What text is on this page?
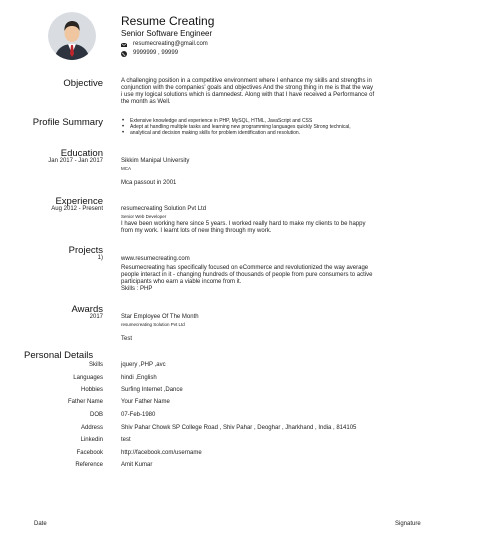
Resume Creating
Senior Software Engineer
resumecreating@gmail.com
9999999 , 99999
Objective	A challenging position in a competitive environment where I enhance my skills and strengths in
conjunction with the companies' goals and objectives And the strong thing in me is that the way
i use my logical solutions which is damnedest. Along with that I have received a Performance of
the month as Well.
Profile Summary
•	Extensive knowledge and experience in PHP, MySQL, HTML, JavaScript and CSS
• Adept at handling multiple tasks and learning new programming languages quickly Strong technical,
• analytical and decision making skills for problem identification and resolution.
Education
Jan 2017 - Jan 2017	Sikkim Manipal University
MCA
Mca passout in 2001
Experience
Aug 2012 - Present	resumecreating Solution Pvt Ltd
Senior Web Developer
I have been working here since 5 years. I worked really hard to make my clients to be happy
from my work. I learnt lots of new thing through my work.
Projects
1)	www.resumecreating.com
Resumecreating has specifically focused on eCommerce and revolutionized the way average
people interact in it - changing hundreds of thousands of people from pure consumers to active
participants who earn a viable income from it.
Skills : PHP
Awards
2017	Star Employee Of The Month
resumecreating Solution Pvt Ltd
Test
Personal Details
Skills	jquery ,PHP ,avc
Languages	hindi ,English
Hobbies	Surfing Internet ,Dance
Father Name	Your Father Name
DOB	07-Feb-1980
Address	Shiv Pahar Chowk SP College Road , Shiv Pahar , Deoghar , Jharkhand , India , 814105
Linkedin	test
Facebook	http://facebook.com/username
Reference	Amit Kumar
Date	Signature
